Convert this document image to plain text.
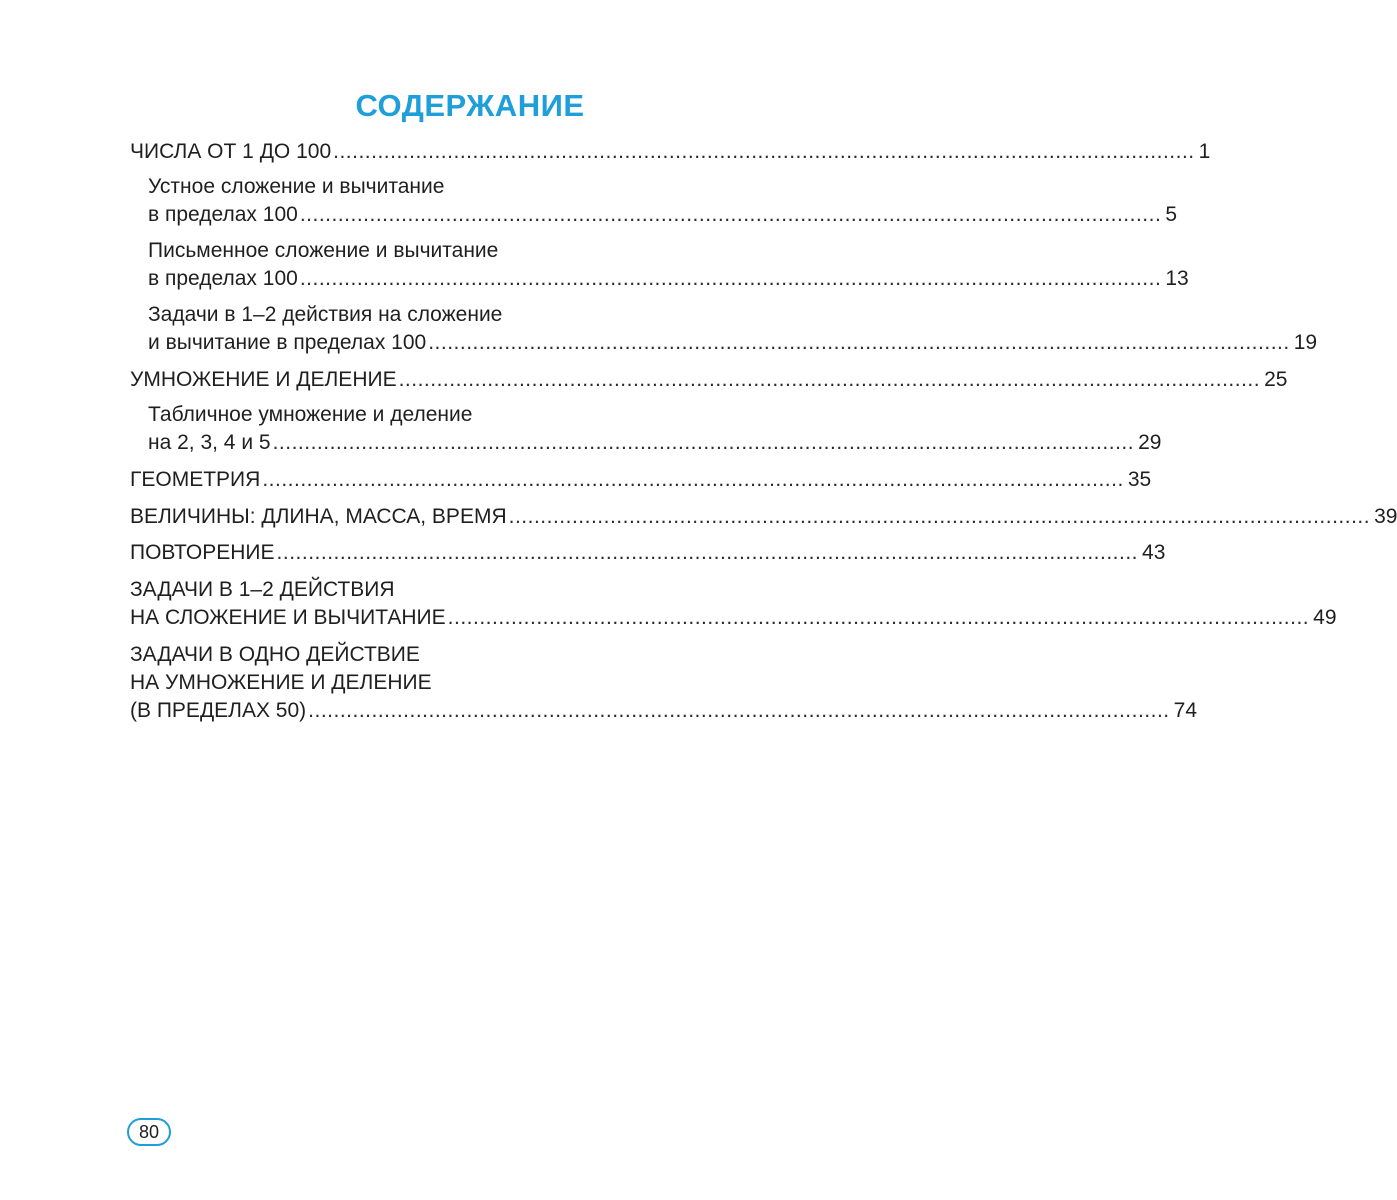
СОДЕРЖАНИЕ
ЧИСЛА ОТ 1 ДО 100 ........................................................................................................................................ 1
Устное сложение и вычитание
в пределах 100 ........................................................................................................................................ 5
Письменное сложение и вычитание
в пределах 100 ........................................................................................................................................ 13
Задачи в 1–2 действия на сложение
и вычитание в пределах 100 ........................................................................................................................................ 19
УМНОЖЕНИЕ И ДЕЛЕНИЕ ........................................................................................................................................ 25
Табличное умножение и деление
на 2, 3, 4 и 5 ........................................................................................................................................ 29
ГЕОМЕТРИЯ ........................................................................................................................................ 35
ВЕЛИЧИНЫ: ДЛИНА, МАССА, ВРЕМЯ ........................................................................................................................................ 39
ПОВТОРЕНИЕ ........................................................................................................................................ 43
ЗАДАЧИ В 1–2 ДЕЙСТВИЯ
НА СЛОЖЕНИЕ И ВЫЧИТАНИЕ ........................................................................................................................................ 49
ЗАДАЧИ В ОДНО ДЕЙСТВИЕ
НА УМНОЖЕНИЕ И ДЕЛЕНИЕ
(В ПРЕДЕЛАХ 50) ........................................................................................................................................ 74
80
